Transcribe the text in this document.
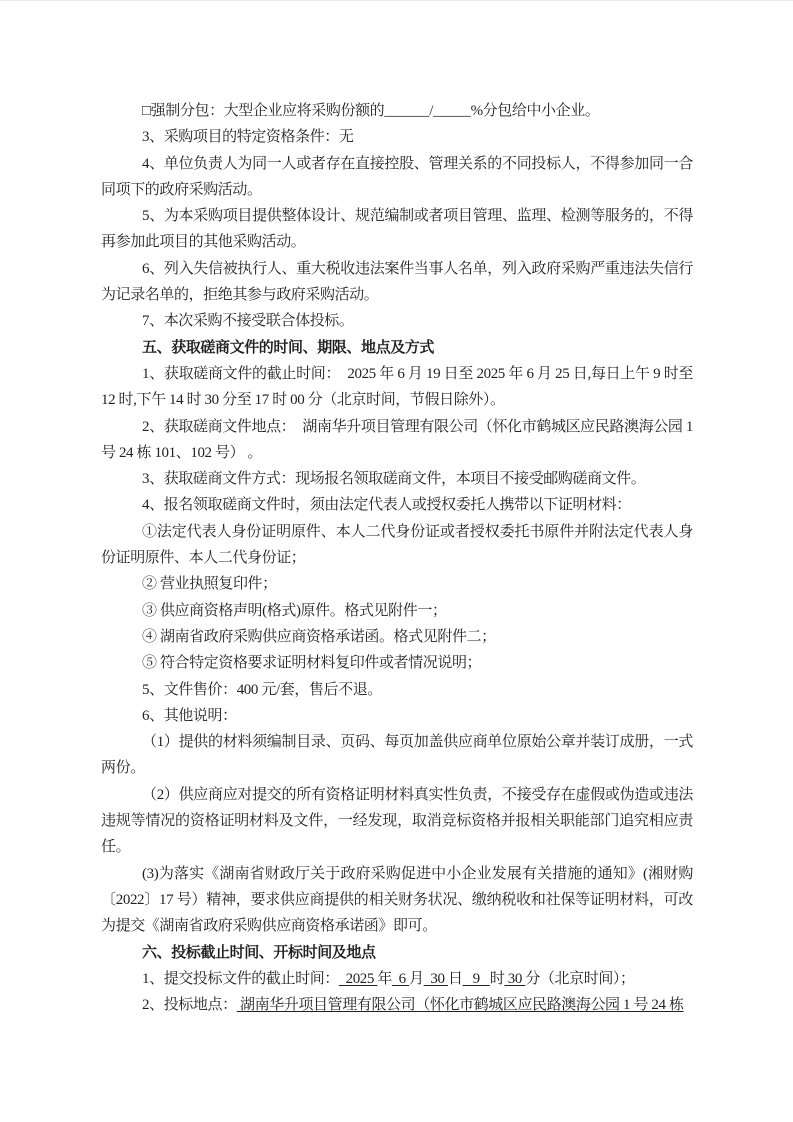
□强制分包：大型企业应将采购份额的______/_____%分包给中小企业。

3、采购项目的特定资格条件：无

4、单位负责人为同一人或者存在直接控股、管理关系的不同投标人，不得参加同一合同项下的政府采购活动。

5、为本采购项目提供整体设计、规范编制或者项目管理、监理、检测等服务的，不得再参加此项目的其他采购活动。

6、列入失信被执行人、重大税收违法案件当事人名单，列入政府采购严重违法失信行为记录名单的，拒绝其参与政府采购活动。

7、本次采购不接受联合体投标。

五、获取磋商文件的时间、期限、地点及方式

1、获取磋商文件的截止时间：　2025 年 6 月 19 日至 2025 年 6 月 25 日,每日上午 9 时至 12 时,下午 14 时 30 分至 17 时 00 分（北京时间，节假日除外）。

2、获取磋商文件地点：　湖南华升项目管理有限公司（怀化市鹤城区应民路澳海公园 1 号 24 栋 101、102 号） 。

3、获取磋商文件方式：现场报名领取磋商文件，本项目不接受邮购磋商文件。

4、报名领取磋商文件时，须由法定代表人或授权委托人携带以下证明材料：

①法定代表人身份证明原件、本人二代身份证或者授权委托书原件并附法定代表人身份证明原件、本人二代身份证；

② 营业执照复印件；

③ 供应商资格声明(格式)原件。格式见附件一；

④ 湖南省政府采购供应商资格承诺函。格式见附件二；

⑤ 符合特定资格要求证明材料复印件或者情况说明；

5、文件售价：400 元/套，售后不退。

6、其他说明：

（1）提供的材料须编制目录、页码、每页加盖供应商单位原始公章并装订成册，一式两份。

（2）供应商应对提交的所有资格证明材料真实性负责，不接受存在虚假或伪造或违法违规等情况的资格证明材料及文件，一经发现，取消竞标资格并报相关职能部门追究相应责任。

(3)为落实《湖南省财政厅关于政府采购促进中小企业发展有关措施的通知》(湘财购〔2022〕17 号）精神，要求供应商提供的相关财务状况、缴纳税收和社保等证明材料，可改为提交《湖南省政府采购供应商资格承诺函》即可。

六、投标截止时间、开标时间及地点

1、提交投标文件的截止时间：  2025 年  6 月  30 日   9   时 30 分（北京时间）；

2、投标地点： 湖南华升项目管理有限公司（怀化市鹤城区应民路澳海公园 1 号 24 栋
